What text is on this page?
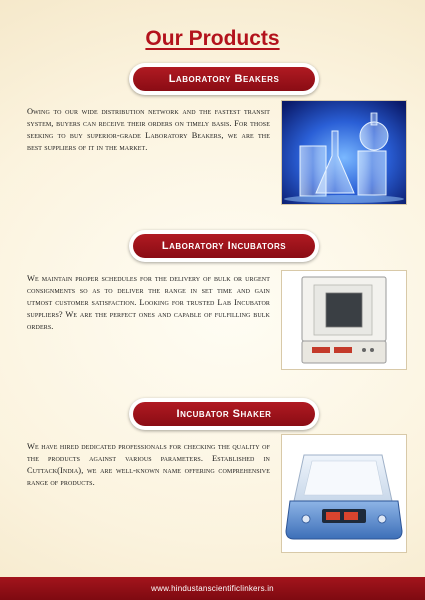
Our Products
Laboratory Beakers
Owing to our wide distribution network and the fastest transit system, buyers can receive their orders on timely basis. For those seeking to buy superior-grade Laboratory Beakers, we are the best suppliers of it in the market.
Laboratory Incubators
We maintain proper schedules for the delivery of bulk or urgent consignments so as to deliver the range in set time and gain utmost customer satisfaction. Looking for trusted Lab Incubator suppliers? We are the perfect ones and capable of fulfilling bulk orders.
Incubator Shaker
We have hired dedicated professionals for checking the quality of the products against various parameters. Established in Cuttack(India), we are well-known name offering comprehensive range of products.
www.hindustanscientificlinkers.in
